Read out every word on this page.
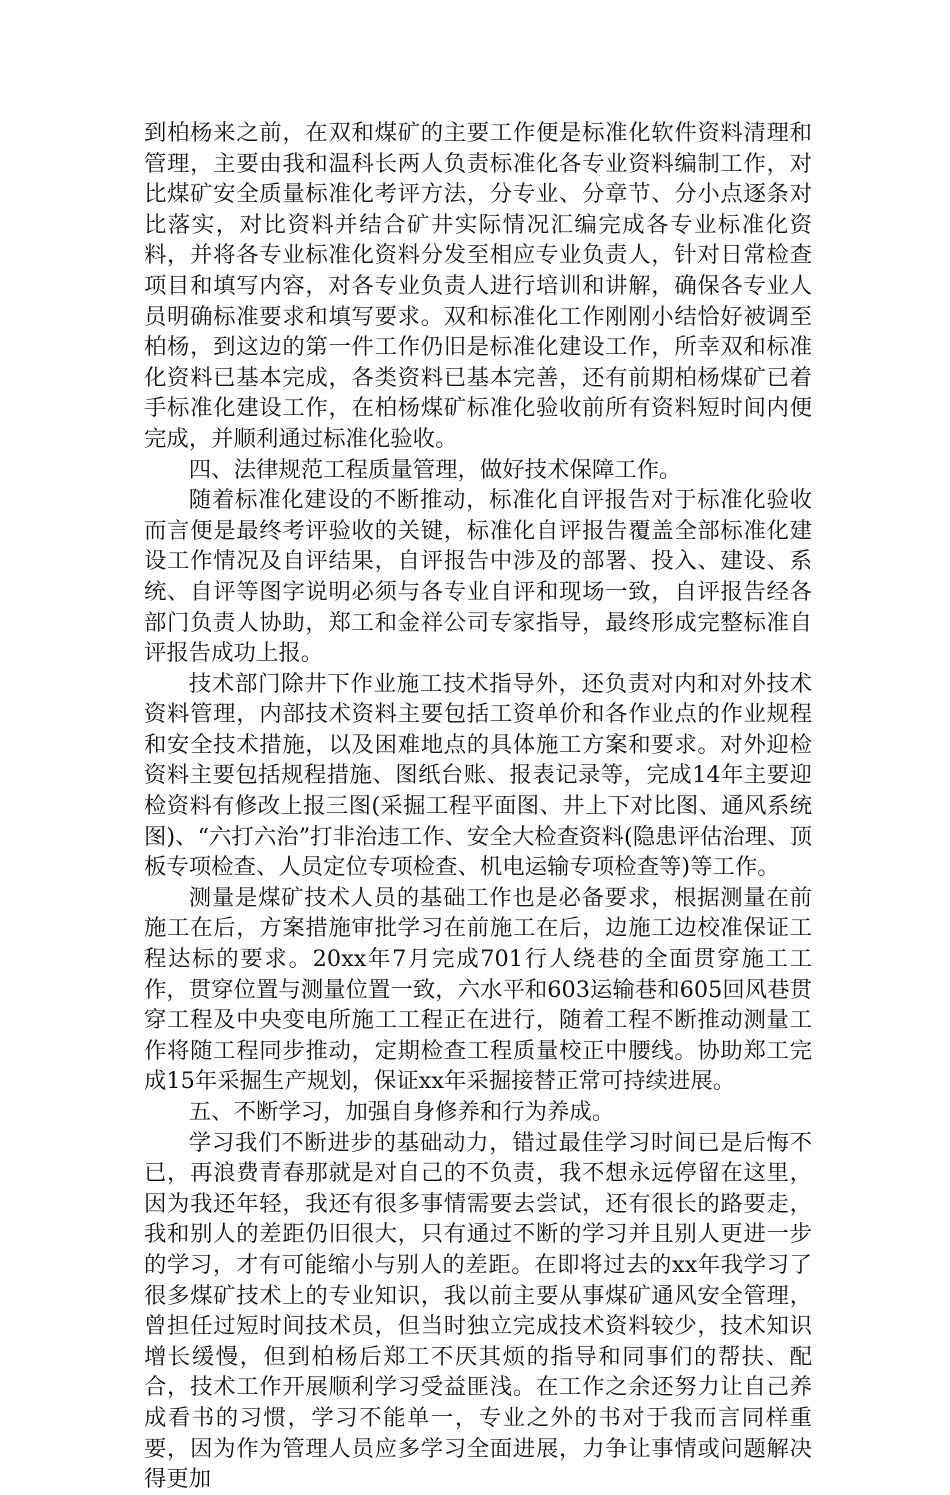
到柏杨来之前，在双和煤矿的主要工作便是标准化软件资料清理和管理，主要由我和温科长两人负责标准化各专业资料编制工作，对比煤矿安全质量标准化考评方法，分专业、分章节、分小点逐条对比落实，对比资料并结合矿井实际情况汇编完成各专业标准化资料，并将各专业标准化资料分发至相应专业负责人，针对日常检查项目和填写内容，对各专业负责人进行培训和讲解，确保各专业人员明确标准要求和填写要求。双和标准化工作刚刚小结恰好被调至柏杨，到这边的第一件工作仍旧是标准化建设工作，所幸双和标准化资料已基本完成，各类资料已基本完善，还有前期柏杨煤矿已着手标准化建设工作，在柏杨煤矿标准化验收前所有资料短时间内便完成，并顺利通过标准化验收。

四、法律规范工程质量管理，做好技术保障工作。

随着标准化建设的不断推动，标准化自评报告对于标准化验收而言便是最终考评验收的关键，标准化自评报告覆盖全部标准化建设工作情况及自评结果，自评报告中涉及的部署、投入、建设、系统、自评等图字说明必须与各专业自评和现场一致，自评报告经各部门负责人协助，郑工和金祥公司专家指导，最终形成完整标准自评报告成功上报。

技术部门除井下作业施工技术指导外，还负责对内和对外技术资料管理，内部技术资料主要包括工资单价和各作业点的作业规程和安全技术措施，以及困难地点的具体施工方案和要求。对外迎检资料主要包括规程措施、图纸台账、报表记录等，完成14年主要迎检资料有修改上报三图(采掘工程平面图、井上下对比图、通风系统图)、“六打六治”打非治违工作、安全大检查资料(隐患评估治理、顶板专项检查、人员定位专项检查、机电运输专项检查等)等工作。

测量是煤矿技术人员的基础工作也是必备要求，根据测量在前施工在后，方案措施审批学习在前施工在后，边施工边校准保证工程达标的要求。20xx年7月完成701行人绕巷的全面贯穿施工工作，贯穿位置与测量位置一致，六水平和603运输巷和605回风巷贯穿工程及中央变电所施工工程正在进行，随着工程不断推动测量工作将随工程同步推动，定期检查工程质量校正中腰线。协助郑工完成15年采掘生产规划，保证xx年采掘接替正常可持续进展。

五、不断学习，加强自身修养和行为养成。

学习我们不断进步的基础动力，错过最佳学习时间已是后悔不已，再浪费青春那就是对自己的不负责，我不想永远停留在这里，因为我还年轻，我还有很多事情需要去尝试，还有很长的路要走，我和别人的差距仍旧很大，只有通过不断的学习并且别人更进一步的学习，才有可能缩小与别人的差距。在即将过去的xx年我学习了很多煤矿技术上的专业知识，我以前主要从事煤矿通风安全管理，曾担任过短时间技术员，但当时独立完成技术资料较少，技术知识增长缓慢，但到柏杨后郑工不厌其烦的指导和同事们的帮扶、配合，技术工作开展顺利学习受益匪浅。在工作之余还努力让自己养成看书的习惯，学习不能单一，专业之外的书对于我而言同样重要，因为作为管理人员应多学习全面进展，力争让事情或问题解决得更加
